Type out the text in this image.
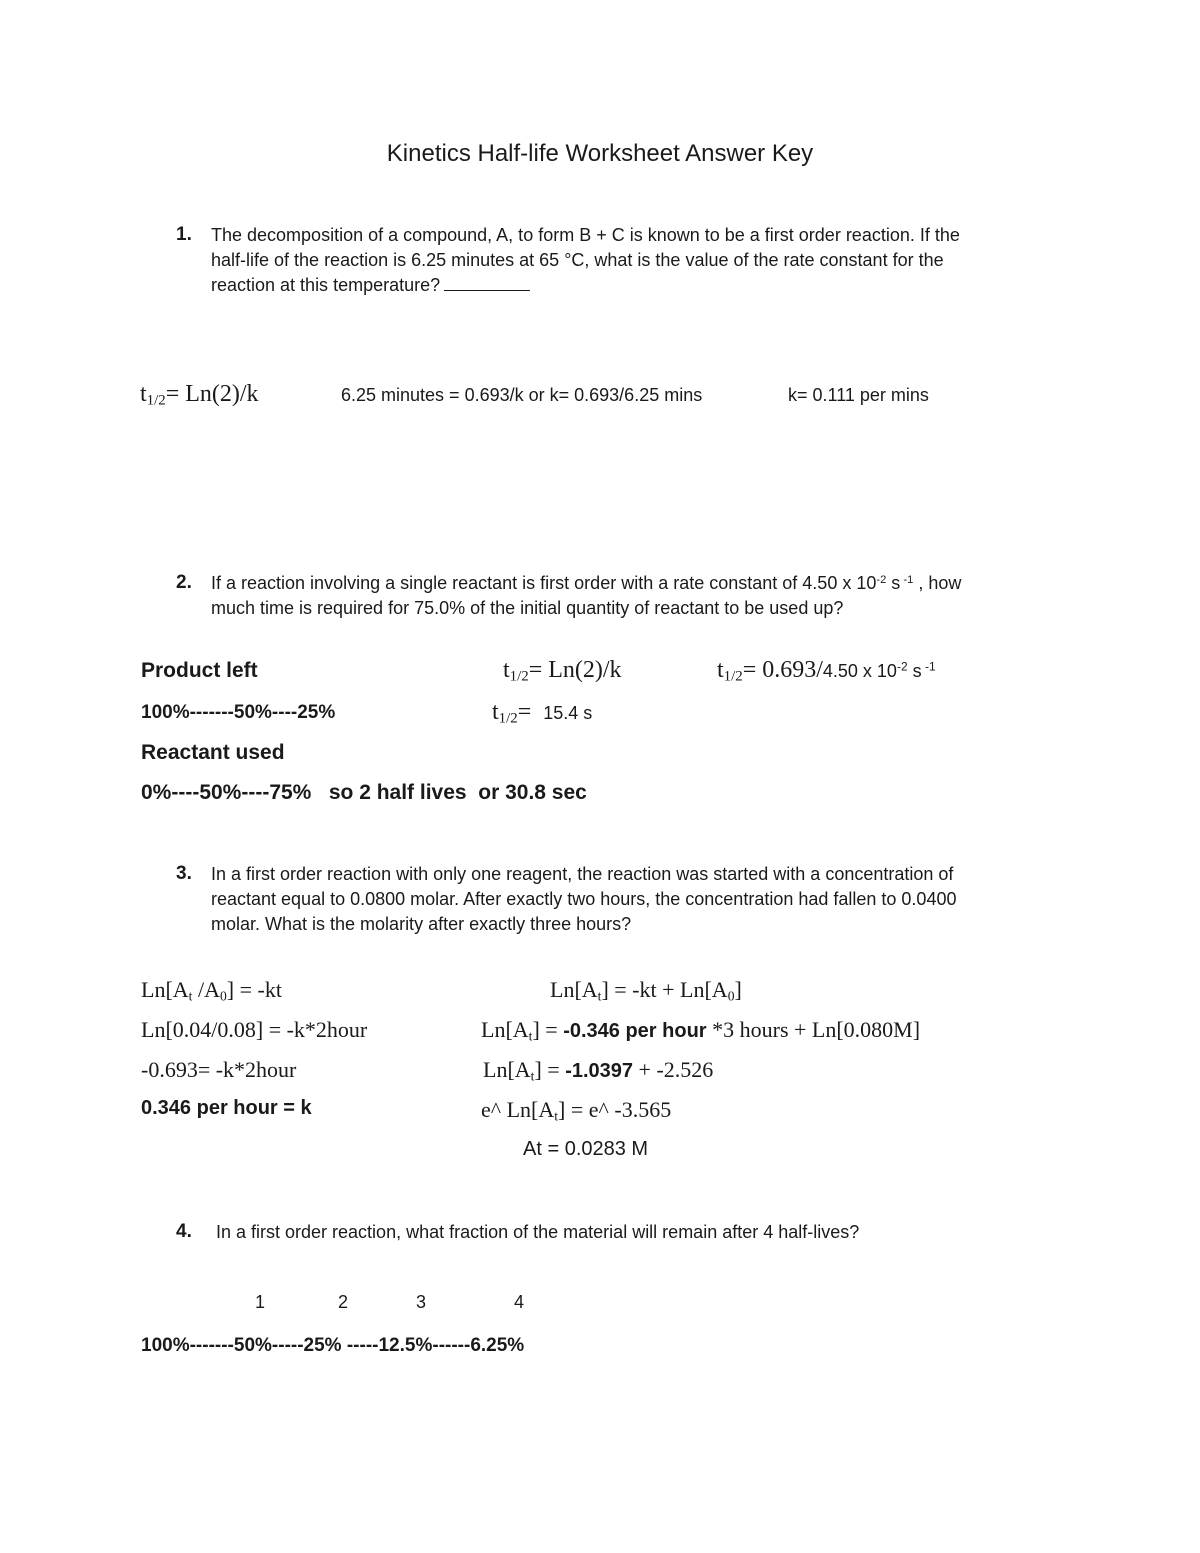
Kinetics Half-life Worksheet Answer Key
1. The decomposition of a compound, A, to form B + C is known to be a first order reaction. If the
half-life of the reaction is 6.25 minutes at 65 °C, what is the value of the rate constant for the
reaction at this temperature?
$t_{1/2}= Ln(2)/k$	6.25 minutes = 0.693/k or k= 0.693/6.25 mins	k= 0.111 per mins
2. If a reaction involving a single reactant is first order with a rate constant of 4.50 x $10^{-2}$ s $^{-1}$ , how
much time is required for 75.0% of the initial quantity of reactant to be used up?
Product left	$t_{1/2}= Ln(2)/k$	$t_{1/2}= 0.693/4.50$ x $10^{-2}$ s $^{-1}$
100%-------50%----25%	$t_{1/2}= 15.4$ s
Reactant used
0%----50%----75%   so 2 half lives  or 30.8 sec
3. In a first order reaction with only one reagent, the reaction was started with a concentration of
reactant equal to 0.0800 molar. After exactly two hours, the concentration had fallen to 0.0400
molar. What is the molarity after exactly three hours?
$Ln[A_t$ $/A_0] = -kt$	$Ln[A_t] = -kt + Ln[A_0]$
Ln[0.04/0.08] = -k*2hour	$Ln[A_t] = -0.346$ per hour *3 hours + Ln[0.080M]
-0.693= -k*2hour	$Ln[A_t] = -1.0397 + -2.526$
0.346 per hour = k	e^ $Ln[A_t]$ = e^ -3.565
At = 0.0283 M
4. In a first order reaction, what fraction of the material will remain after 4 half-lives?
1	2	3	4
100%-------50%-----25% -----12.5%------6.25%
